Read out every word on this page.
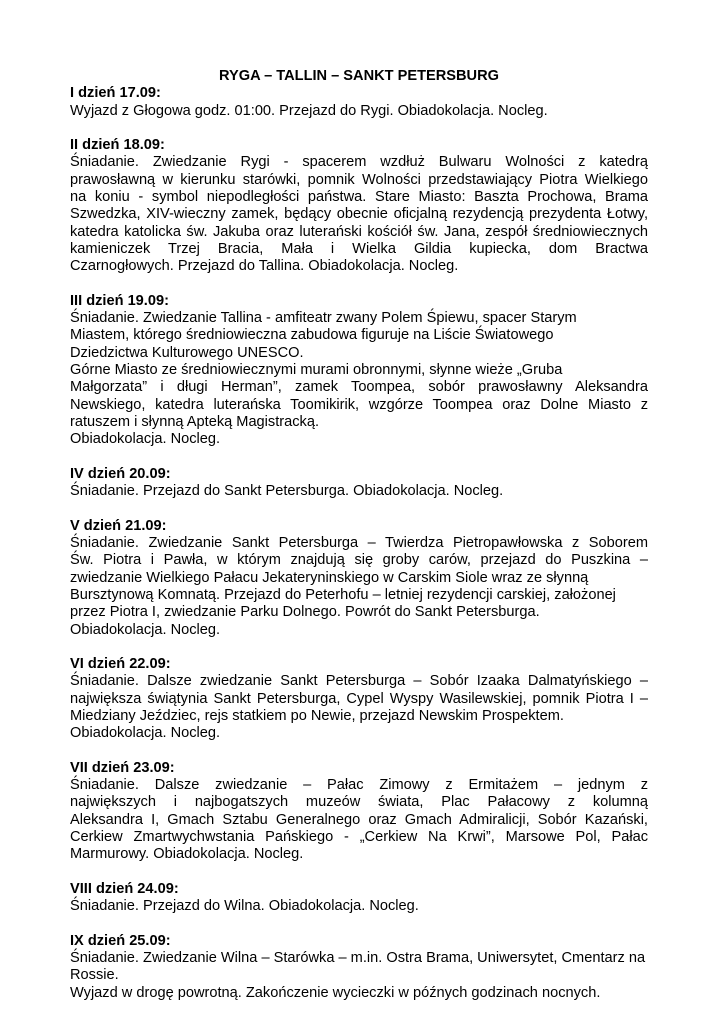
RYGA – TALLIN – SANKT PETERSBURG
I dzień 17.09:
Wyjazd z Głogowa godz. 01:00. Przejazd do Rygi. Obiadokolacja. Nocleg.
II dzień 18.09:
Śniadanie. Zwiedzanie Rygi - spacerem wzdłuż Bulwaru Wolności z katedrą
prawosławną w kierunku starówki, pomnik Wolności przedstawiający Piotra Wielkiego
na koniu - symbol niepodległości państwa. Stare Miasto: Baszta Prochowa, Brama
Szwedzka, XIV-wieczny zamek, będący obecnie oficjalną rezydencją prezydenta Łotwy,
katedra katolicka św. Jakuba oraz luterański kościół św. Jana, zespół średniowiecznych
kamieniczek Trzej Bracia, Mała i Wielka Gildia kupiecka, dom Bractwa
Czarnogłowych. Przejazd do Tallina. Obiadokolacja. Nocleg.
III dzień 19.09:
Śniadanie. Zwiedzanie Tallina - amfiteatr zwany Polem Śpiewu, spacer Starym
Miastem, którego średniowieczna zabudowa figuruje na Liście Światowego
Dziedzictwa Kulturowego UNESCO.
Górne Miasto ze średniowiecznymi murami obronnymi, słynne wieże „Gruba
Małgorzata” i długi Herman”, zamek Toompea, sobór prawosławny Aleksandra
Newskiego, katedra luterańska Toomikirik, wzgórze Toompea oraz Dolne Miasto z
ratuszem i słynną Apteką Magistracką.
Obiadokolacja. Nocleg.
IV dzień 20.09:
Śniadanie. Przejazd do Sankt Petersburga. Obiadokolacja. Nocleg.
V dzień 21.09:
Śniadanie. Zwiedzanie Sankt Petersburga – Twierdza Pietropawłowska z Soborem
Św. Piotra i Pawła, w którym znajdują się groby carów, przejazd do Puszkina –
zwiedzanie Wielkiego Pałacu Jekateryninskiego w Carskim Siole wraz ze słynną
Bursztynową Komnatą. Przejazd do Peterhofu – letniej rezydencji carskiej, założonej
przez Piotra I, zwiedzanie Parku Dolnego. Powrót do Sankt Petersburga.
Obiadokolacja. Nocleg.
VI dzień 22.09:
Śniadanie. Dalsze zwiedzanie Sankt Petersburga – Sobór Izaaka Dalmatyńskiego –
największa świątynia Sankt Petersburga, Cypel Wyspy Wasilewskiej, pomnik Piotra I –
Miedziany Jeździec, rejs statkiem po Newie, przejazd Newskim Prospektem.
Obiadokolacja. Nocleg.
VII dzień 23.09:
Śniadanie. Dalsze zwiedzanie – Pałac Zimowy z Ermitażem – jednym z
największych i najbogatszych muzeów świata, Plac Pałacowy z kolumną
Aleksandra I, Gmach Sztabu Generalnego oraz Gmach Admiralicji, Sobór Kazański,
Cerkiew Zmartwychwstania Pańskiego - „Cerkiew Na Krwi”, Marsowe Pol, Pałac
Marmurowy. Obiadokolacja. Nocleg.
VIII dzień 24.09:
Śniadanie. Przejazd do Wilna. Obiadokolacja. Nocleg.
IX dzień 25.09:
Śniadanie. Zwiedzanie Wilna – Starówka – m.in. Ostra Brama, Uniwersytet, Cmentarz na
Rossie.
Wyjazd w drogę powrotną. Zakończenie wycieczki w późnych godzinach nocnych.
